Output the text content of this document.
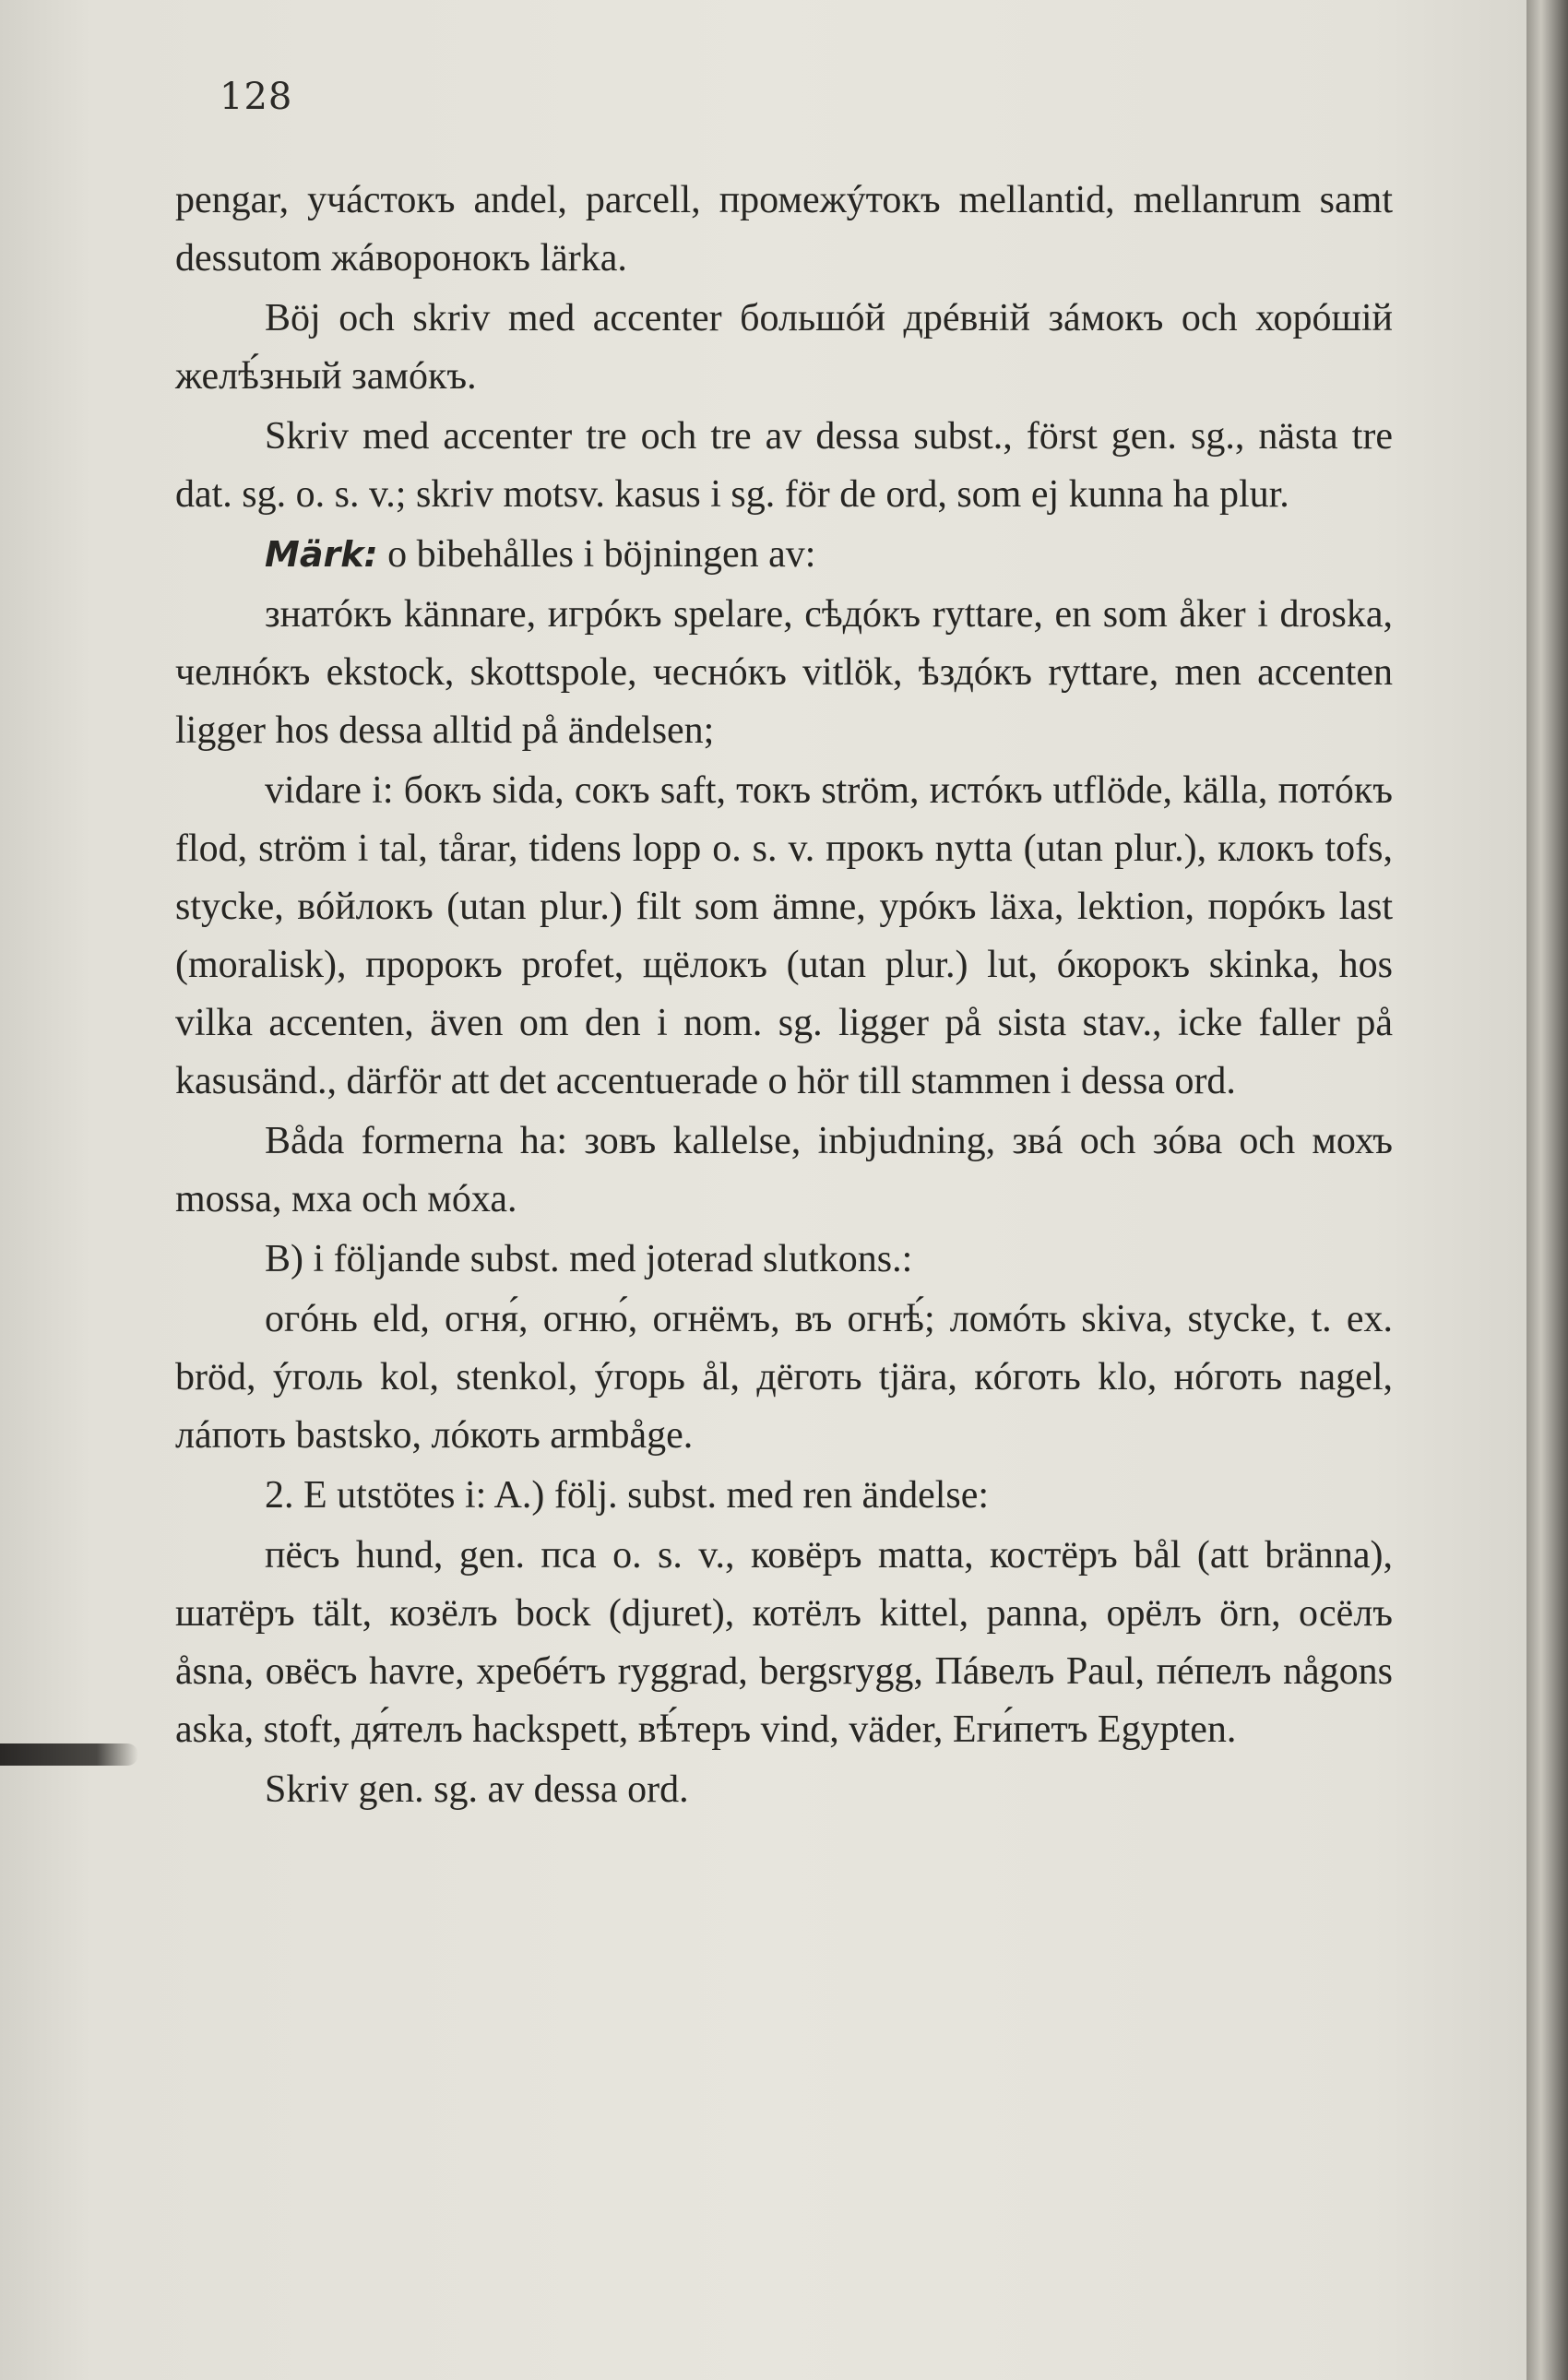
128

pengar, учáстокъ andel, parcell, промежýтокъ mellantid, mellanrum samt dessutom жáворонокъ lärka.

Böj och skriv med accenter большóй дрéвній зáмокъ och хорóшій желѣ́зный замóкъ.

Skriv med accenter tre och tre av dessa subst., först gen. sg., nästa tre dat. sg. o. s. v.; skriv motsv. kasus i sg. för de ord, som ej kunna ha plur.

Märk: o bibehålles i böjningen av:

знатóкъ kännare, игрóкъ spelare, сѣдóкъ ryttare, en som åker i droska, челнóкъ ekstock, skottspole, чеснóкъ vitlök, ѣздóкъ ryttare, men accenten ligger hos dessa alltid på ändelsen;

vidare i: бокъ sida, сокъ saft, токъ ström, истóкъ utflöde, källa, потóкъ flod, ström i tal, tårar, tidens lopp o. s. v. прокъ nytta (utan plur.), клокъ tofs, stycke, вóйлокъ (utan plur.) filt som ämne, урóкъ läxa, lektion, порóкъ last (moralisk), пророкъ profet, щёлокъ (utan plur.) lut, óкорокъ skinka, hos vilka accenten, även om den i nom. sg. ligger på sista stav., icke faller på kasusänd., därför att det accentuerade o hör till stammen i dessa ord.

Båda formerna ha: зовъ kallelse, inbjudning, звá och зóва och мохъ mossa, мха och мóха.

B) i följande subst. med joterad slutkons.:

огóнь eld, огня́, огню́, огнёмъ, въ огнѣ́; ломóть skiva, stycke, t. ex. bröd, ýголь kol, stenkol, ýгорь ål, дёготь tjära, кóготь klo, нóготь nagel, лáпоть bastsko, лóкоть armbåge.

2. E utstötes i: A.) följ. subst. med ren ändelse:

пёсъ hund, gen. пса o. s. v., ковёръ matta, костёръ bål (att bränna), шатёръ tält, козёлъ bock (djuret), котёлъ kittel, panna, орёлъ örn, осёлъ åsna, овёсъ havre, хребéтъ ryggrad, bergsrygg, Пáвелъ Paul, пéпелъ någons aska, stoft, дя́телъ hackspett, вѣ́теръ vind, väder, Еги́петъ Egypten.

Skriv gen. sg. av dessa ord.
